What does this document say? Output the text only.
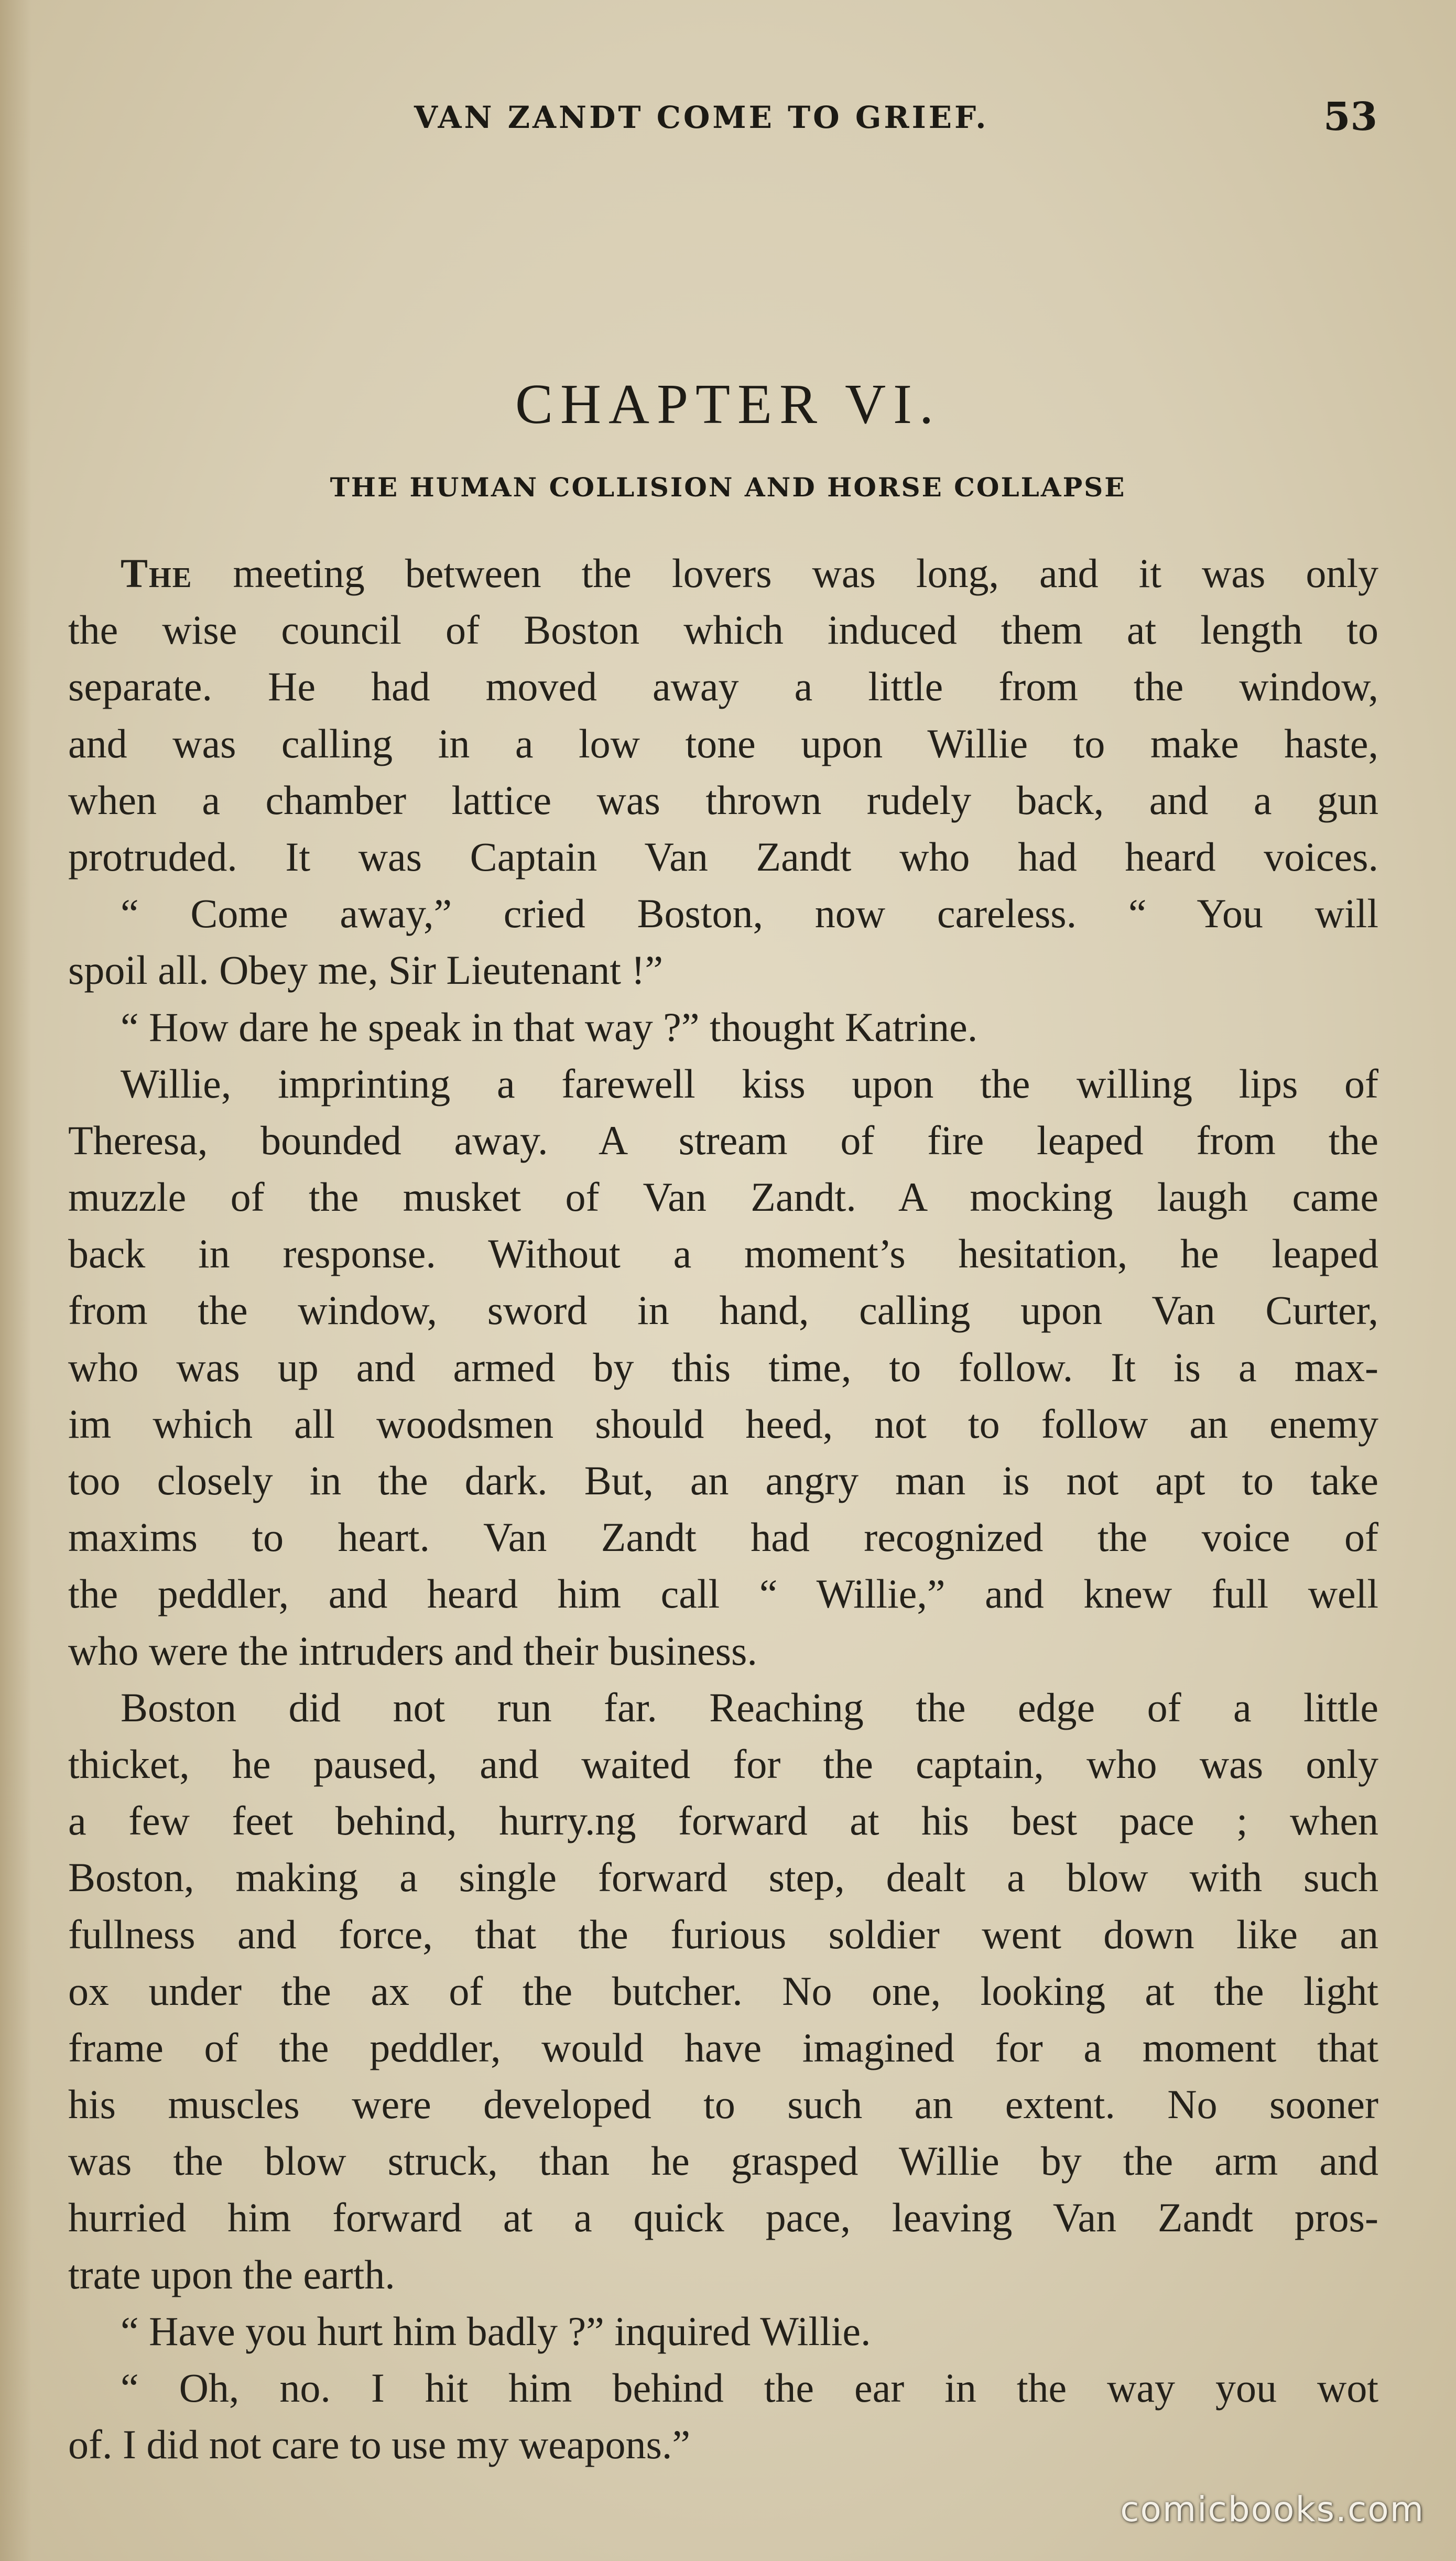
VAN ZANDT COME TO GRIEF.	53
CHAPTER VI.
THE HUMAN COLLISION AND HORSE COLLAPSE
The meeting between the lovers was long, and it was only
the wise council of Boston which induced them at length to
separate. He had moved away a little from the window,
and was calling in a low tone upon Willie to make haste,
when a chamber lattice was thrown rudely back, and a gun
protruded. It was Captain Van Zandt who had heard voices.
“ Come away,” cried Boston, now careless. “ You will
spoil all. Obey me, Sir Lieutenant !”
“ How dare he speak in that way ?” thought Katrine.
Willie, imprinting a farewell kiss upon the willing lips of
Theresa, bounded away. A stream of fire leaped from the
muzzle of the musket of Van Zandt. A mocking laugh came
back in response. Without a moment’s hesitation, he leaped
from the window, sword in hand, calling upon Van Curter,
who was up and armed by this time, to follow. It is a max-
im which all woodsmen should heed, not to follow an enemy
too closely in the dark. But, an angry man is not apt to take
maxims to heart. Van Zandt had recognized the voice of
the peddler, and heard him call “ Willie,” and knew full well
who were the intruders and their business.
Boston did not run far. Reaching the edge of a little
thicket, he paused, and waited for the captain, who was only
a few feet behind, hurry.ng forward at his best pace ; when
Boston, making a single forward step, dealt a blow with such
fullness and force, that the furious soldier went down like an
ox under the ax of the butcher. No one, looking at the light
frame of the peddler, would have imagined for a moment that
his muscles were developed to such an extent. No sooner
was the blow struck, than he grasped Willie by the arm and
hurried him forward at a quick pace, leaving Van Zandt pros-
trate upon the earth.
“ Have you hurt him badly ?” inquired Willie.
“ Oh, no. I hit him behind the ear in the way you wot
of. I did not care to use my weapons.”
comicbooks.com
